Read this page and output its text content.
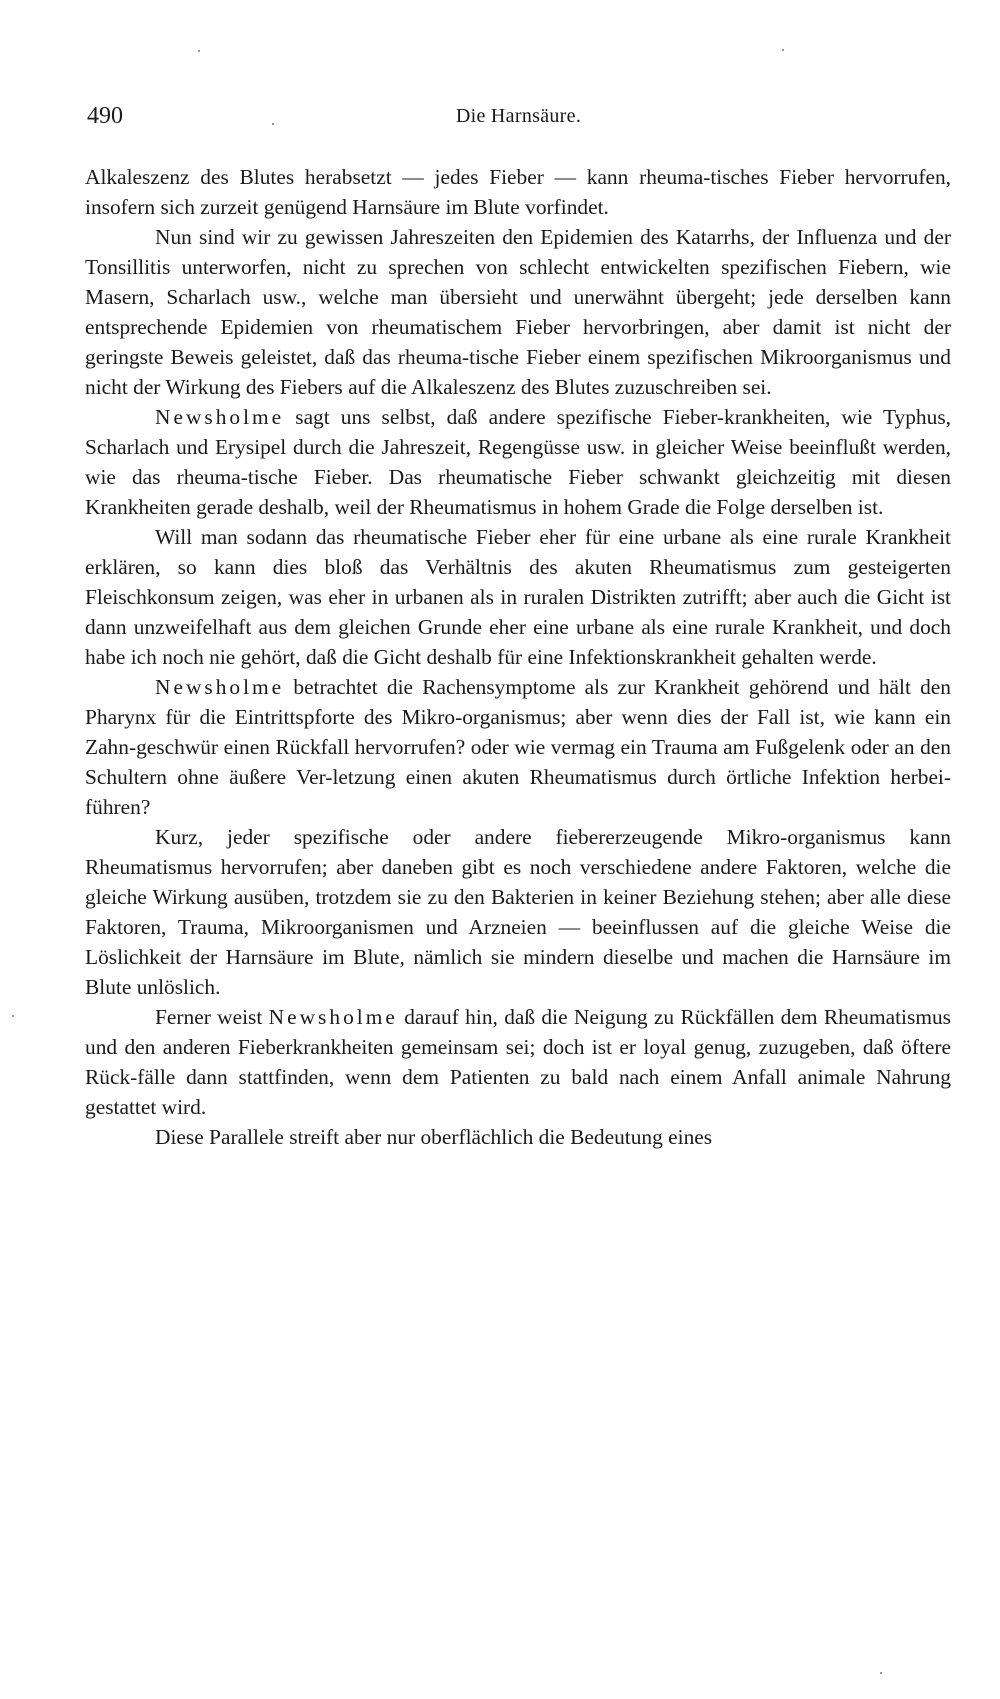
490	Die Harnsäure.

Alkaleszenz des Blutes herabsetzt — jedes Fieber — kann rheuma-tisches Fieber hervorrufen, insofern sich zurzeit genügend Harnsäure im Blute vorfindet.

Nun sind wir zu gewissen Jahreszeiten den Epidemien des Katarrhs, der Influenza und der Tonsillitis unterworfen, nicht zu sprechen von schlecht entwickelten spezifischen Fiebern, wie Masern, Scharlach usw., welche man übersieht und unerwähnt übergeht; jede derselben kann entsprechende Epidemien von rheumatischem Fieber hervorbringen, aber damit ist nicht der geringste Beweis geleistet, daß das rheuma-tische Fieber einem spezifischen Mikroorganismus und nicht der Wirkung des Fiebers auf die Alkaleszenz des Blutes zuzuschreiben sei.

Newsholme sagt uns selbst, daß andere spezifische Fieber-krankheiten, wie Typhus, Scharlach und Erysipel durch die Jahreszeit, Regengüsse usw. in gleicher Weise beeinflußt werden, wie das rheuma-tische Fieber. Das rheumatische Fieber schwankt gleichzeitig mit diesen Krankheiten gerade deshalb, weil der Rheumatismus in hohem Grade die Folge derselben ist.

Will man sodann das rheumatische Fieber eher für eine urbane als eine rurale Krankheit erklären, so kann dies bloß das Verhältnis des akuten Rheumatismus zum gesteigerten Fleischkonsum zeigen, was eher in urbanen als in ruralen Distrikten zutrifft; aber auch die Gicht ist dann unzweifelhaft aus dem gleichen Grunde eher eine urbane als eine rurale Krankheit, und doch habe ich noch nie gehört, daß die Gicht deshalb für eine Infektionskrankheit gehalten werde.

Newsholme betrachtet die Rachensymptome als zur Krankheit gehörend und hält den Pharynx für die Eintrittspforte des Mikro-organismus; aber wenn dies der Fall ist, wie kann ein Zahn-geschwür einen Rückfall hervorrufen? oder wie vermag ein Trauma am Fußgelenk oder an den Schultern ohne äußere Ver-letzung einen akuten Rheumatismus durch örtliche Infektion herbei-führen?

Kurz, jeder spezifische oder andere fiebererzeugende Mikro-organismus kann Rheumatismus hervorrufen; aber daneben gibt es noch verschiedene andere Faktoren, welche die gleiche Wirkung ausüben, trotzdem sie zu den Bakterien in keiner Beziehung stehen; aber alle diese Faktoren, Trauma, Mikroorganismen und Arzneien — beeinflussen auf die gleiche Weise die Löslichkeit der Harnsäure im Blute, nämlich sie mindern dieselbe und machen die Harnsäure im Blute unlöslich.

Ferner weist Newsholme darauf hin, daß die Neigung zu Rückfällen dem Rheumatismus und den anderen Fieberkrankheiten gemeinsam sei; doch ist er loyal genug, zuzugeben, daß öftere Rück-fälle dann stattfinden, wenn dem Patienten zu bald nach einem Anfall animale Nahrung gestattet wird.

Diese Parallele streift aber nur oberflächlich die Bedeutung eines
